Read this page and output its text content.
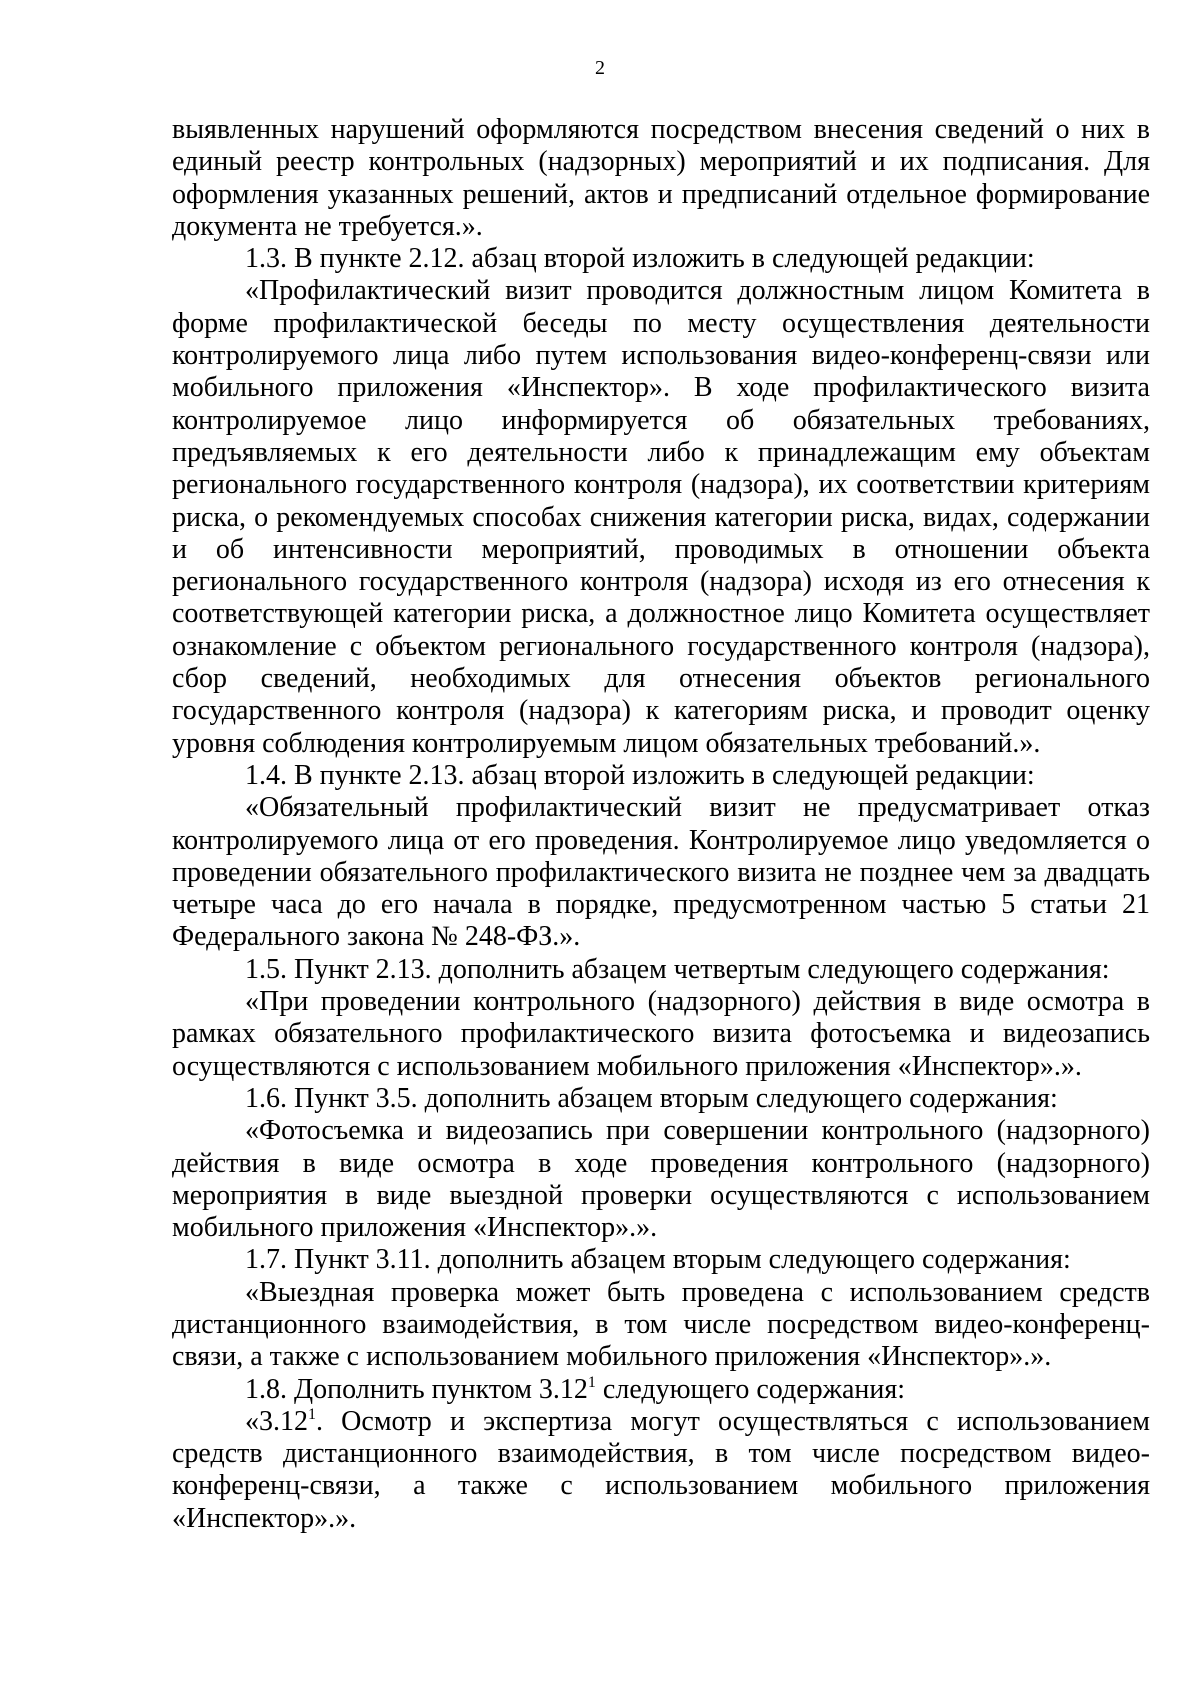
2

выявленных нарушений оформляются посредством внесения сведений о них в единый реестр контрольных (надзорных) мероприятий и их подписания. Для оформления указанных решений, актов и предписаний отдельное формирование документа не требуется.».

1.3. В пункте 2.12. абзац второй изложить в следующей редакции:

«Профилактический визит проводится должностным лицом Комитета в форме профилактической беседы по месту осуществления деятельности контролируемого лица либо путем использования видео-конференц-связи или мобильного приложения «Инспектор». В ходе профилактического визита контролируемое лицо информируется об обязательных требованиях, предъявляемых к его деятельности либо к принадлежащим ему объектам регионального государственного контроля (надзора), их соответствии критериям риска, о рекомендуемых способах снижения категории риска, видах, содержании и об интенсивности мероприятий, проводимых в отношении объекта регионального государственного контроля (надзора) исходя из его отнесения к соответствующей категории риска, а должностное лицо Комитета осуществляет ознакомление с объектом регионального государственного контроля (надзора), сбор сведений, необходимых для отнесения объектов регионального государственного контроля (надзора) к категориям риска, и проводит оценку уровня соблюдения контролируемым лицом обязательных требований.».

1.4. В пункте 2.13. абзац второй изложить в следующей редакции:

«Обязательный профилактический визит не предусматривает отказ контролируемого лица от его проведения. Контролируемое лицо уведомляется о проведении обязательного профилактического визита не позднее чем за двадцать четыре часа до его начала в порядке, предусмотренном частью 5 статьи 21 Федерального закона № 248-ФЗ.».

1.5. Пункт 2.13. дополнить абзацем четвертым следующего содержания:

«При проведении контрольного (надзорного) действия в виде осмотра в рамках обязательного профилактического визита фотосъемка и видеозапись осуществляются с использованием мобильного приложения «Инспектор».».

1.6. Пункт 3.5. дополнить абзацем вторым следующего содержания:

«Фотосъемка и видеозапись при совершении контрольного (надзорного) действия в виде осмотра в ходе проведения контрольного (надзорного) мероприятия в виде выездной проверки осуществляются с использованием мобильного приложения «Инспектор».».

1.7. Пункт 3.11. дополнить абзацем вторым следующего содержания:

«Выездная проверка может быть проведена с использованием средств дистанционного взаимодействия, в том числе посредством видео-конференц-связи, а также с использованием мобильного приложения «Инспектор».».

1.8. Дополнить пунктом 3.12$^1$ следующего содержания:

«3.12$^1$. Осмотр и экспертиза могут осуществляться с использованием средств дистанционного взаимодействия, в том числе посредством видео-конференц-связи, а также с использованием мобильного приложения «Инспектор».».
